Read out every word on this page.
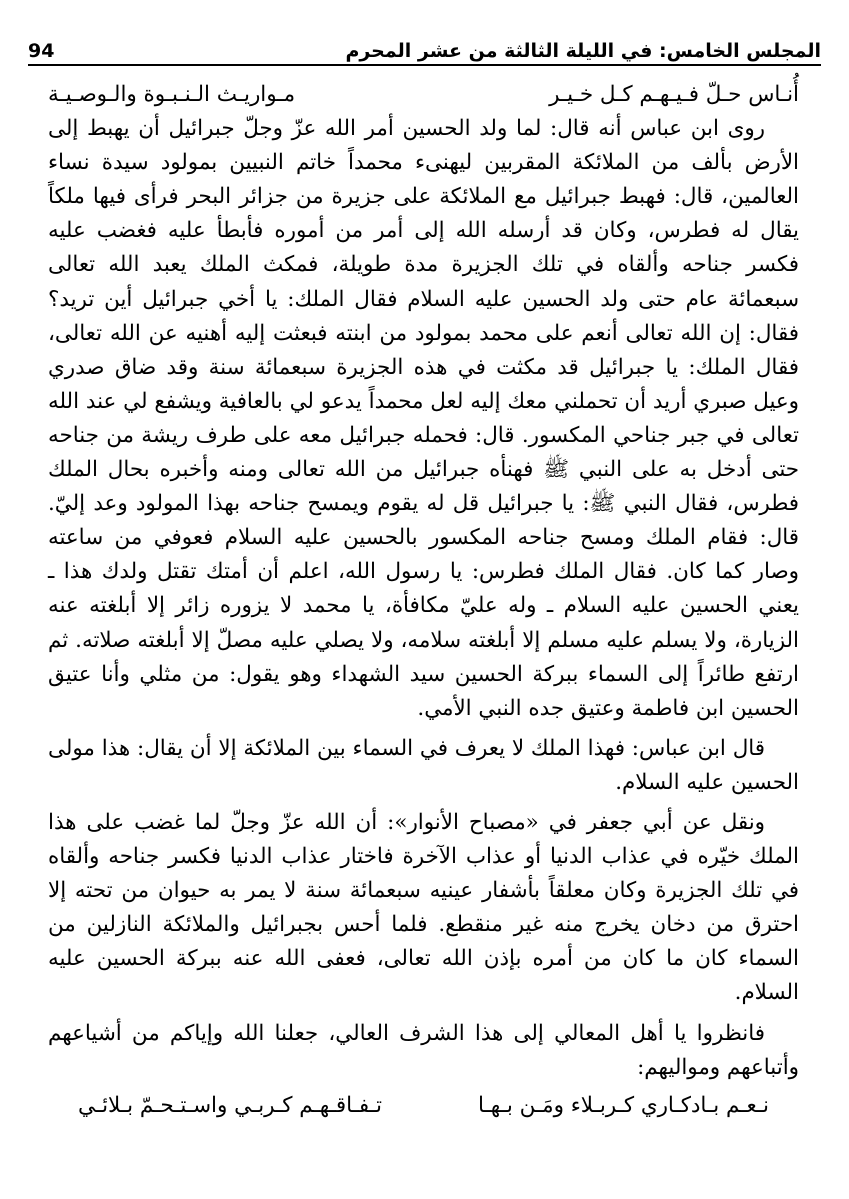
المجلس الخامس: في الليلة الثالثة من عشر المحرم
94
أُنـاس حـلّ فـيـهـم كـل خـيـر
مـواريـث الـنـبـوة والـوصـيـة

روى ابن عباس أنه قال: لما ولد الحسين أمر الله عزّ وجلّ جبرائيل أن يهبط إلى الأرض بألف من الملائكة المقربين ليهنىء محمداً خاتم النبيين بمولود سيدة نساء العالمين، قال: فهبط جبرائيل مع الملائكة على جزيرة من جزائر البحر فرأى فيها ملكاً يقال له فطرس، وكان قد أرسله الله إلى أمر من أموره فأبطأ عليه فغضب عليه فكسر جناحه وألقاه في تلك الجزيرة مدة طويلة، فمكث الملك يعبد الله تعالى سبعمائة عام حتى ولد الحسين عليه السلام فقال الملك: يا أخي جبرائيل أين تريد؟ فقال: إن الله تعالى أنعم على محمد بمولود من ابنته فبعثت إليه أهنيه عن الله تعالى، فقال الملك: يا جبرائيل قد مكثت في هذه الجزيرة سبعمائة سنة وقد ضاق صدري وعيل صبري أريد أن تحملني معك إليه لعل محمداً يدعو لي بالعافية ويشفع لي عند الله تعالى في جبر جناحي المكسور. قال: فحمله جبرائيل معه على طرف ريشة من جناحه حتى أدخل به على النبي ﷺ فهنأه جبرائيل من الله تعالى ومنه وأخبره بحال الملك فطرس، فقال النبي ﷺ: يا جبرائيل قل له يقوم ويمسح جناحه بهذا المولود وعد إليّ. قال: فقام الملك ومسح جناحه المكسور بالحسين عليه السلام فعوفي من ساعته وصار كما كان. فقال الملك فطرس: يا رسول الله، اعلم أن أمتك تقتل ولدك هذا ـ يعني الحسين عليه السلام ـ وله عليّ مكافأة، يا محمد لا يزوره زائر إلا أبلغته عنه الزيارة، ولا يسلم عليه مسلم إلا أبلغته سلامه، ولا يصلي عليه مصلّ إلا أبلغته صلاته. ثم ارتفع طائراً إلى السماء ببركة الحسين سيد الشهداء وهو يقول: من مثلي وأنا عتيق الحسين ابن فاطمة وعتيق جده النبي الأمي.

قال ابن عباس: فهذا الملك لا يعرف في السماء بين الملائكة إلا أن يقال: هذا مولى الحسين عليه السلام.

ونقل عن أبي جعفر في «مصباح الأنوار»: أن الله عزّ وجلّ لما غضب على هذا الملك خيّره في عذاب الدنيا أو عذاب الآخرة فاختار عذاب الدنيا فكسر جناحه وألقاه في تلك الجزيرة وكان معلقاً بأشفار عينيه سبعمائة سنة لا يمر به حيوان من تحته إلا احترق من دخان يخرج منه غير منقطع. فلما أحس بجبرائيل والملائكة النازلين من السماء كان ما كان من أمره بإذن الله تعالى، فعفى الله عنه ببركة الحسين عليه السلام.

فانظروا يا أهل المعالي إلى هذا الشرف العالي، جعلنا الله وإياكم من أشياعهم وأتباعهم ومواليهم:

نـعـم بـادكـاري كـربـلاء ومَـن بـهـا
تـفـاقـهـم كـربـي واسـتـحـمّ بـلائـي
